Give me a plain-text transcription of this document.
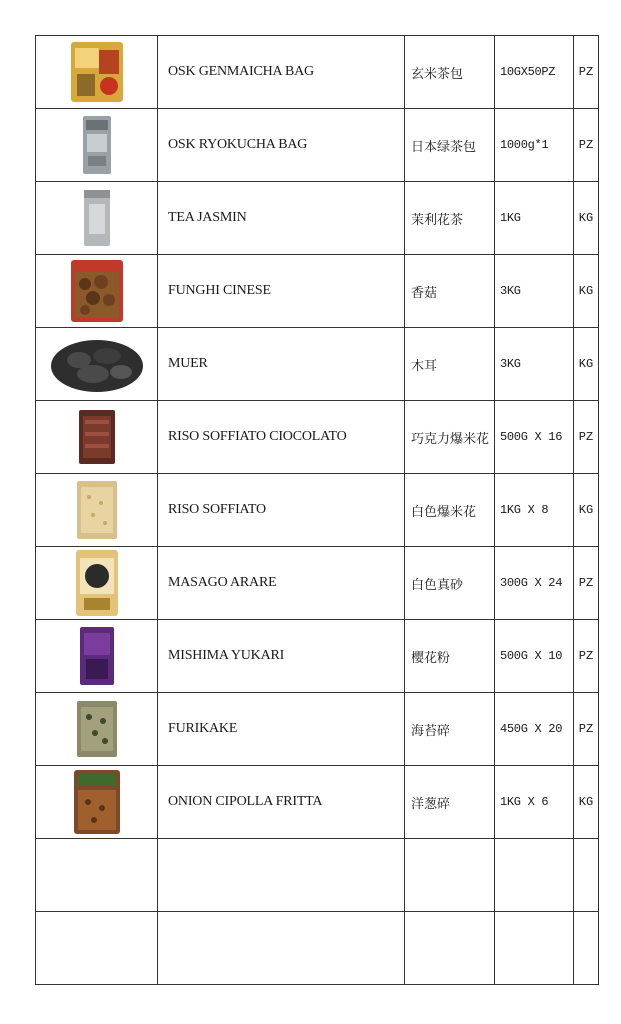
	OSK GENMAICHA BAG	玄米茶包	10GX50PZ	PZ
	OSK RYOKUCHA BAG	日本绿茶包	1000g*1	PZ
	TEA JASMIN	茉利花茶	1KG	KG
	FUNGHI CINESE	香菇	3KG	KG
	MUER	木耳	3KG	KG
	RISO SOFFIATO CIOCOLATO	巧克力爆米花	500G X 16	PZ
	RISO SOFFIATO	白色爆米花	1KG X 8	KG
	MASAGO ARARE	白色真砂	300G X 24	PZ
	MISHIMA YUKARI	樱花粉	500G X 10	PZ
	FURIKAKE	海苔碎	450G X 20	PZ
	ONION CIPOLLA FRITTA	洋葱碎	1KG X 6	KG
